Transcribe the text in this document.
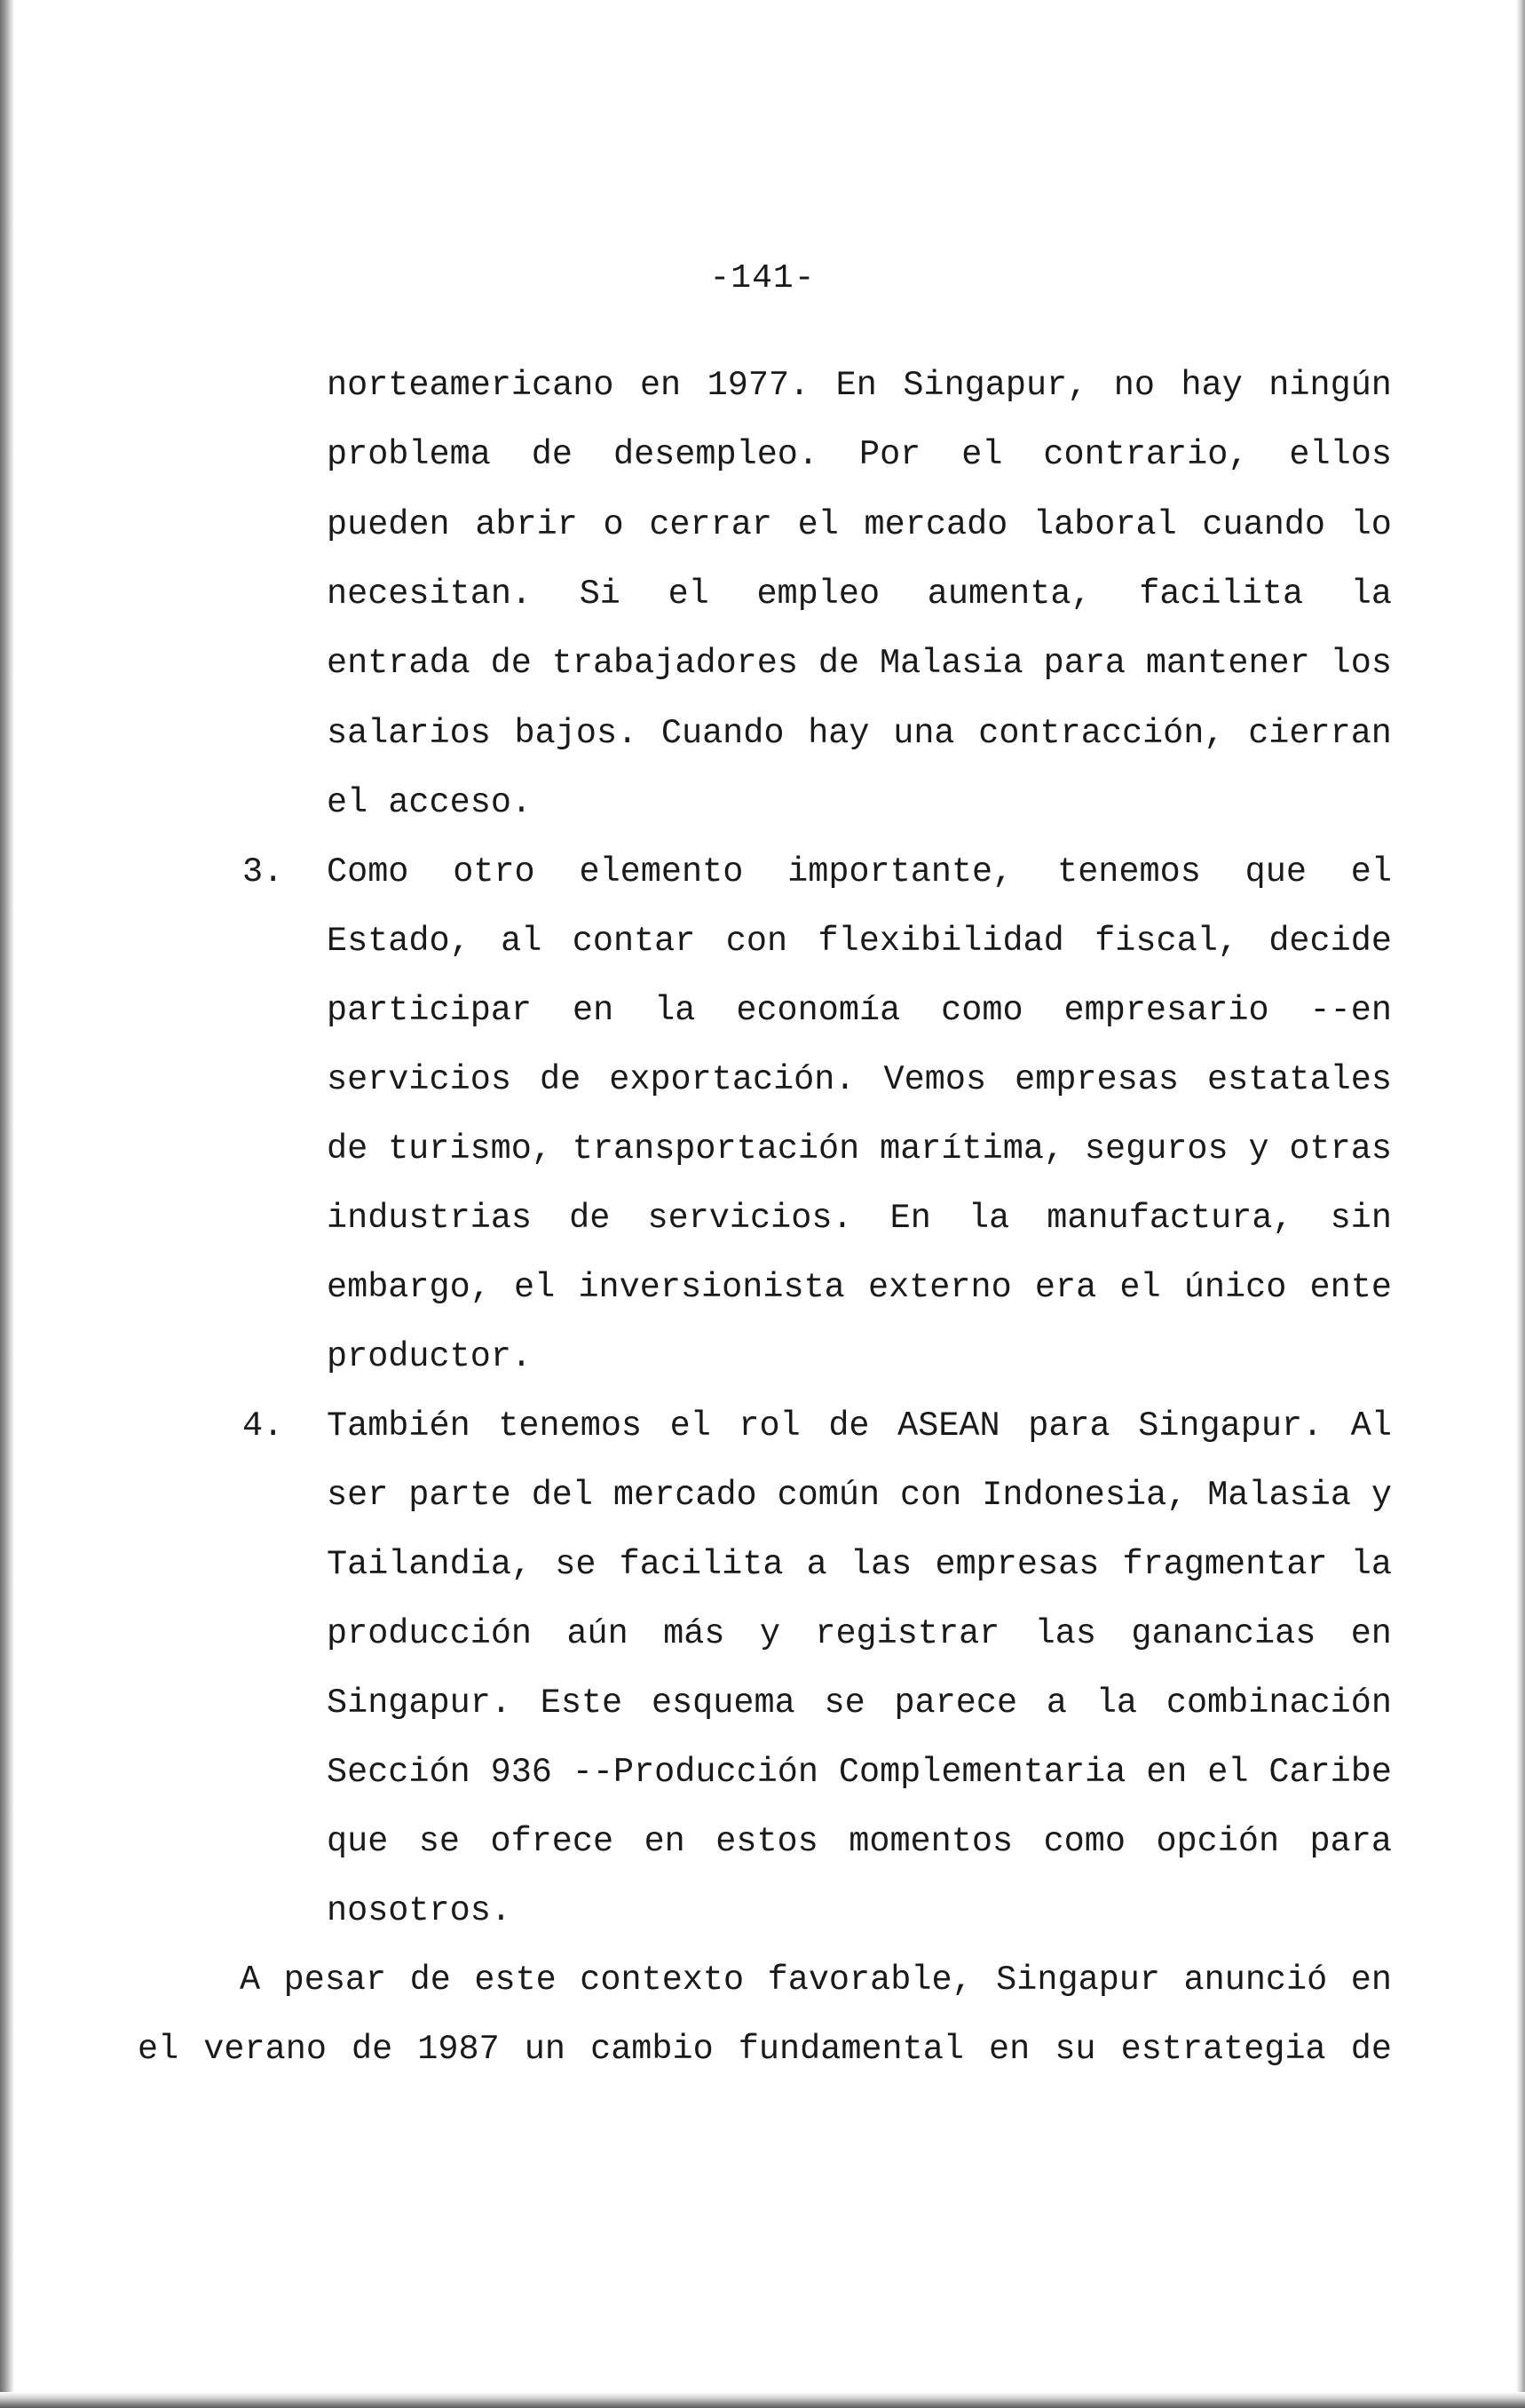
-141-
norteamericano en 1977. En Singapur, no hay ningún
problema de desempleo. Por el contrario, ellos
pueden abrir o cerrar el mercado laboral cuando lo
necesitan. Si el empleo aumenta, facilita la
entrada de trabajadores de Malasia para mantener los
salarios bajos. Cuando hay una contracción, cierran
el acceso.
3. Como otro elemento importante, tenemos que el
Estado, al contar con flexibilidad fiscal, decide
participar en la economía como empresario --en
servicios de exportación. Vemos empresas estatales
de turismo, transportación marítima, seguros y otras
industrias de servicios. En la manufactura, sin
embargo, el inversionista externo era el único ente
productor.
4. También tenemos el rol de ASEAN para Singapur. Al
ser parte del mercado común con Indonesia, Malasia y
Tailandia, se facilita a las empresas fragmentar la
producción aún más y registrar las ganancias en
Singapur. Este esquema se parece a la combinación
Sección 936 --Producción Complementaria en el Caribe
que se ofrece en estos momentos como opción para
nosotros.
A pesar de este contexto favorable, Singapur anunció en
el verano de 1987 un cambio fundamental en su estrategia de
